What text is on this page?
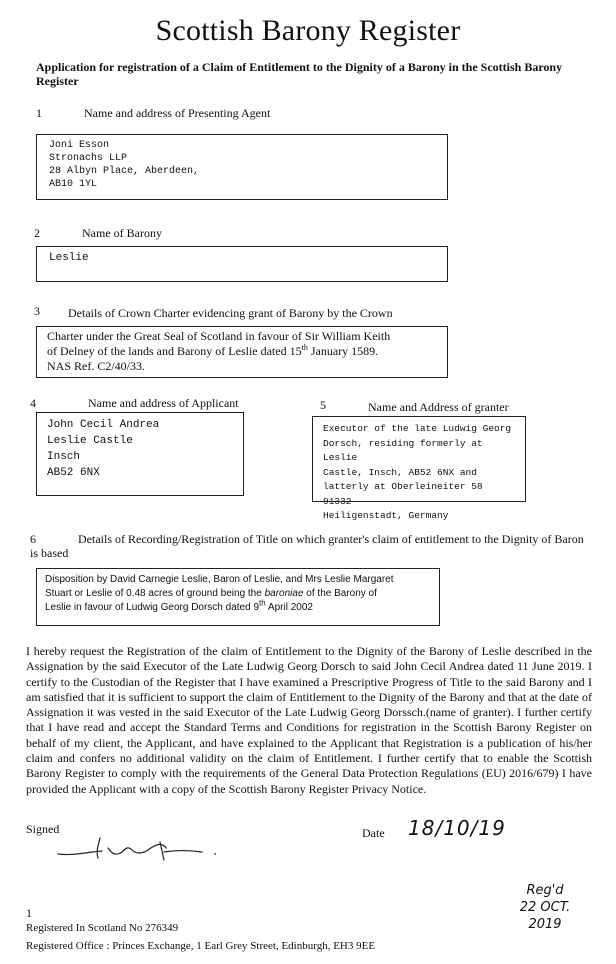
Scottish Barony Register
Application for registration of a Claim of Entitlement to the Dignity of a Barony in the Scottish Barony Register
1	Name and address of Presenting Agent
Joni Esson
Stronachs LLP
28 Albyn Place, Aberdeen,
AB10 1YL
2	Name of Barony
Leslie
3 Details of Crown Charter evidencing grant of Barony by the Crown
Charter under the Great Seal of Scotland in favour of Sir William Keith
of Delney of the lands and Barony of Leslie dated 15th January 1589.
NAS Ref. C2/40/33.
4	Name and address of Applicant
John Cecil Andrea
Leslie Castle
Insch
AB52 6NX
5	Name and Address of granter
Executor of the late Ludwig Georg
Dorsch, residing formerly at Leslie
Castle, Insch, AB52 6NX and
latterly at Oberleineiter 58 91332
Heiligenstadt, Germany
6	Details of Recording/Registration of Title on which granter's claim of entitlement to the Dignity of Baron is based
Disposition by David Carnegie Leslie, Baron of Leslie, and Mrs Leslie Margaret
Stuart or Leslie of 0.48 acres of ground being the baroniae of the Barony of
Leslie in favour of Ludwig Georg Dorsch dated 9th April 2002
I hereby request the Registration of the claim of Entitlement to the Dignity of the Barony of Leslie described in the Assignation by the said Executor of the Late Ludwig Georg Dorsch to said John Cecil Andrea dated 11 June 2019. I certify to the Custodian of the Register that I have examined a Prescriptive Progress of Title to the said Barony and I am satisfied that it is sufficient to support the claim of Entitlement to the Dignity of the Barony and that at the date of Assignation it was vested in the said Executor of the Late Ludwig Georg Dorssch.(name of granter). I further certify that I have read and accept the Standard Terms and Conditions for registration in the Scottish Barony Register on behalf of my client, the Applicant, and have explained to the Applicant that Registration is a publication of his/her claim and confers no additional validity on the claim of Entitlement. I further certify that to enable the Scottish Barony Register to comply with the requirements of the General Data Protection Regulations (EU) 2016/679) I have provided the Applicant with a copy of the Scottish Barony Register Privacy Notice.
Signed	Date 18/10/19
Reg'd
22 OCT.
2019
1
Registered In Scotland No 276349
Registered Office : Princes Exchange, 1 Earl Grey Street, Edinburgh, EH3 9EE
